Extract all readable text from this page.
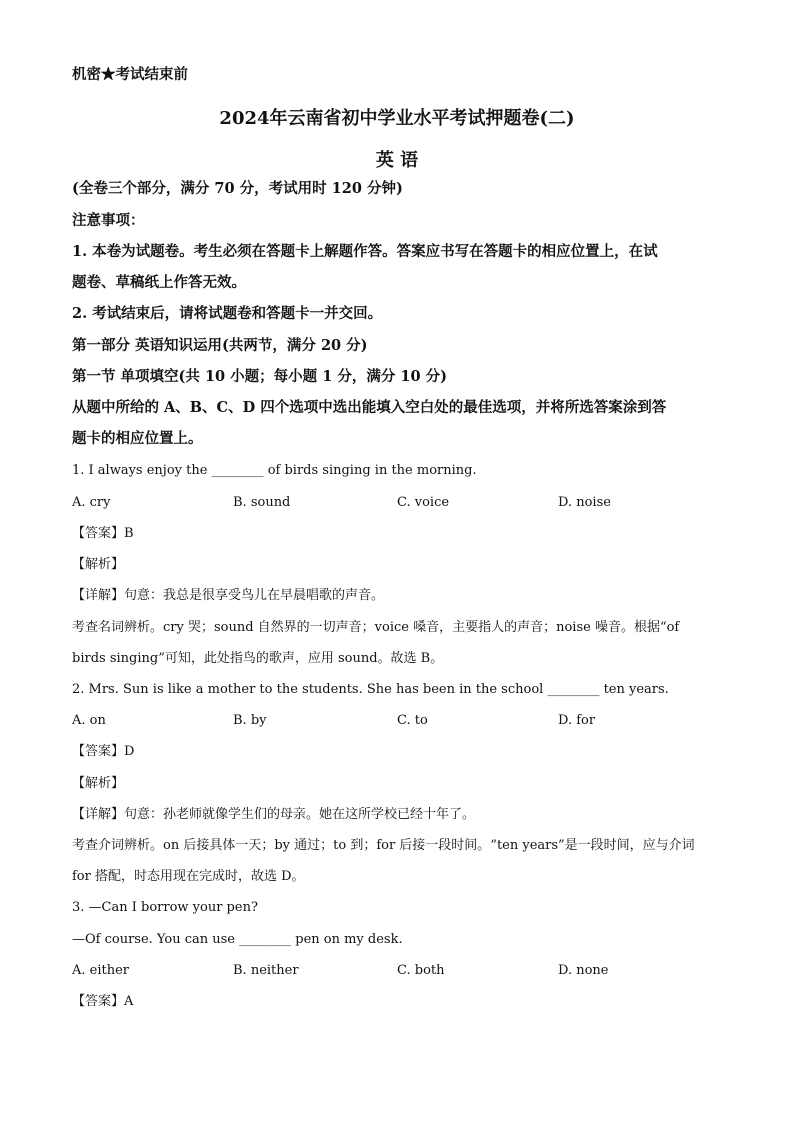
机密★考试结束前
2024年云南省初中学业水平考试押题卷(二)
英 语
(全卷三个部分，满分 70 分，考试用时 120 分钟)
注意事项：
1. 本卷为试题卷。考生必须在答题卡上解题作答。答案应书写在答题卡的相应位置上，在试
题卷、草稿纸上作答无效。
2. 考试结束后，请将试题卷和答题卡一并交回。
第一部分 英语知识运用(共两节，满分 20 分)
第一节 单项填空(共 10 小题；每小题 1 分，满分 10 分)
从题中所给的 A、B、C、D 四个选项中选出能填入空白处的最佳选项，并将所选答案涂到答
题卡的相应位置上。
1. I always enjoy the ________ of birds singing in the morning.
A. cry	B. sound	C. voice	D. noise
【答案】B
【解析】
【详解】句意：我总是很享受鸟儿在早晨唱歌的声音。
考查名词辨析。cry 哭；sound 自然界的一切声音；voice 嗓音，主要指人的声音；noise 噪音。根据“of
birds singing”可知，此处指鸟的歌声，应用 sound。故选 B。
2. Mrs. Sun is like a mother to the students. She has been in the school ________ ten years.
A. on	B. by	C. to	D. for
【答案】D
【解析】
【详解】句意：孙老师就像学生们的母亲。她在这所学校已经十年了。
考查介词辨析。on 后接具体一天；by 通过；to 到；for 后接一段时间。“ten years”是一段时间，应与介词
for 搭配，时态用现在完成时，故选 D。
3. —Can I borrow your pen?
—Of course. You can use ________ pen on my desk.
A. either	B. neither	C. both	D. none
【答案】A
